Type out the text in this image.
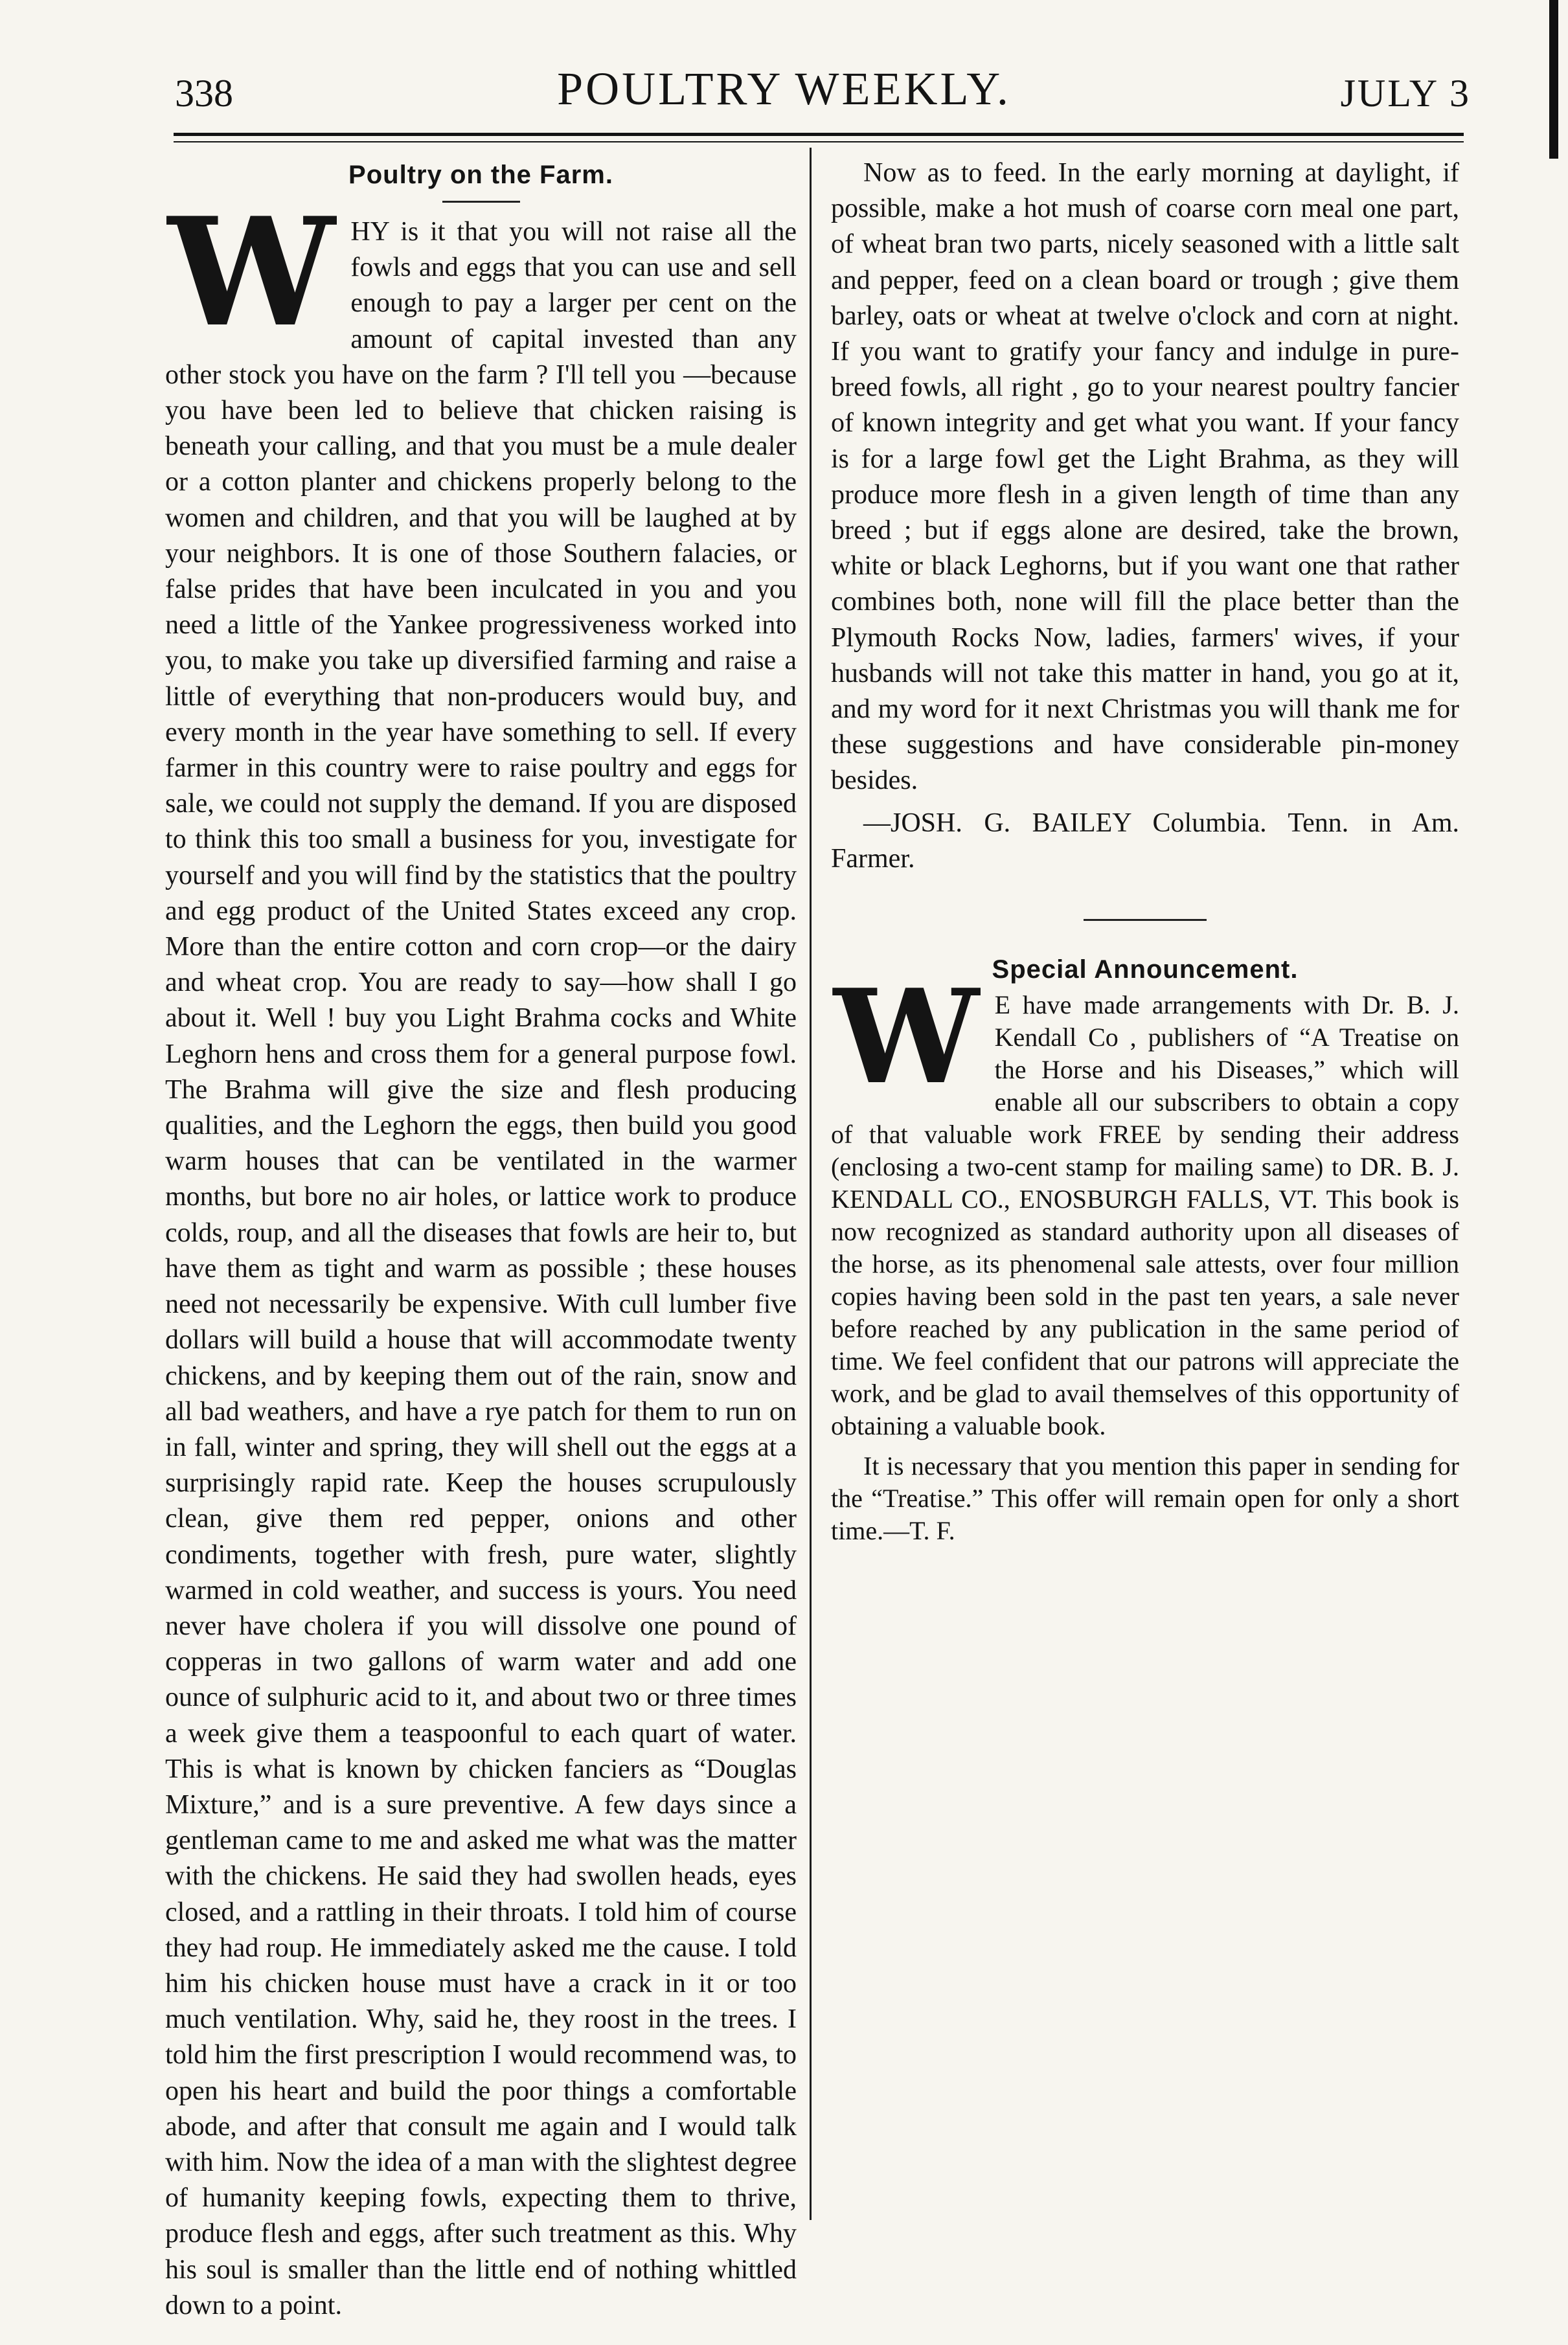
338	POULTRY WEEKLY.	JULY 3
Poultry on the Farm.

WHY is it that you will not raise all the fowls and eggs that you can use and sell enough to pay a larger per cent on the amount of capital invested than any other stock you have on the farm ? I'll tell you —because you have been led to believe that chicken raising is beneath your calling, and that you must be a mule dealer or a cotton planter and chickens properly belong to the women and children, and that you will be laughed at by your neighbors. It is one of those Southern falacies, or false prides that have been inculcated in you and you need a little of the Yankee progressiveness worked into you, to make you take up diversified farming and raise a little of everything that non-producers would buy, and every month in the year have something to sell. If every farmer in this country were to raise poultry and eggs for sale, we could not supply the demand. If you are disposed to think this too small a business for you, investigate for yourself and you will find by the statistics that the poultry and egg product of the United States exceed any crop. More than the entire cotton and corn crop—or the dairy and wheat crop. You are ready to say—how shall I go about it. Well ! buy you Light Brahma cocks and White Leghorn hens and cross them for a general purpose fowl. The Brahma will give the size and flesh producing qualities, and the Leghorn the eggs, then build you good warm houses that can be ventilated in the warmer months, but bore no air holes, or lattice work to produce colds, roup, and all the diseases that fowls are heir to, but have them as tight and warm as possible ; these houses need not necessarily be expensive. With cull lumber five dollars will build a house that will accommodate twenty chickens, and by keeping them out of the rain, snow and all bad weathers, and have a rye patch for them to run on in fall, winter and spring, they will shell out the eggs at a surprisingly rapid rate. Keep the houses scrupulously clean, give them red pepper, onions and other condiments, together with fresh, pure water, slightly warmed in cold weather, and success is yours. You need never have cholera if you will dissolve one pound of copperas in two gallons of warm water and add one ounce of sulphuric acid to it, and about two or three times a week give them a teaspoonful to each quart of water. This is what is known by chicken fanciers as “Douglas Mixture,” and is a sure preventive. A few days since a gentleman came to me and asked me what was the matter with the chickens. He said they had swollen heads, eyes closed, and a rattling in their throats. I told him of course they had roup. He immediately asked me the cause. I told him his chicken house must have a crack in it or too much ventilation. Why, said he, they roost in the trees. I told him the first prescription I would recommend was, to open his heart and build the poor things a comfortable abode, and after that consult me again and I would talk with him. Now the idea of a man with the slightest degree of humanity keeping fowls, expecting them to thrive, produce flesh and eggs, after such treatment as this. Why his soul is smaller than the little end of nothing whittled down to a point.

Now as to feed. In the early morning at daylight, if possible, make a hot mush of coarse corn meal one part, of wheat bran two parts, nicely seasoned with a little salt and pepper, feed on a clean board or trough ; give them barley, oats or wheat at twelve o'clock and corn at night. If you want to gratify your fancy and indulge in pure-breed fowls, all right , go to your nearest poultry fancier of known integrity and get what you want. If your fancy is for a large fowl get the Light Brahma, as they will produce more flesh in a given length of time than any breed ; but if eggs alone are desired, take the brown, white or black Leghorns, but if you want one that rather combines both, none will fill the place better than the Plymouth Rocks Now, ladies, farmers' wives, if your husbands will not take this matter in hand, you go at it, and my word for it next Christmas you will thank me for these suggestions and have considerable pin-money besides.

—JOSH. G. BAILEY Columbia. Tenn. in Am. Farmer.

Special Announcement.

W E have made arrangements with Dr. B. J. Kendall Co , publishers of “A Treatise on the Horse and his Diseases,” which will enable all our subscribers to obtain a copy of that valuable work FREE by sending their address (enclosing a two-cent stamp for mailing same) to DR. B. J. KENDALL CO., ENOSBURGH FALLS, VT. This book is now recognized as standard authority upon all diseases of the horse, as its phenomenal sale attests, over four million copies having been sold in the past ten years, a sale never before reached by any publication in the same period of time. We feel confident that our patrons will appreciate the work, and be glad to avail themselves of this opportunity of obtaining a valuable book.

It is necessary that you mention this paper in sending for the “Treatise.” This offer will remain open for only a short time.—T. F.
